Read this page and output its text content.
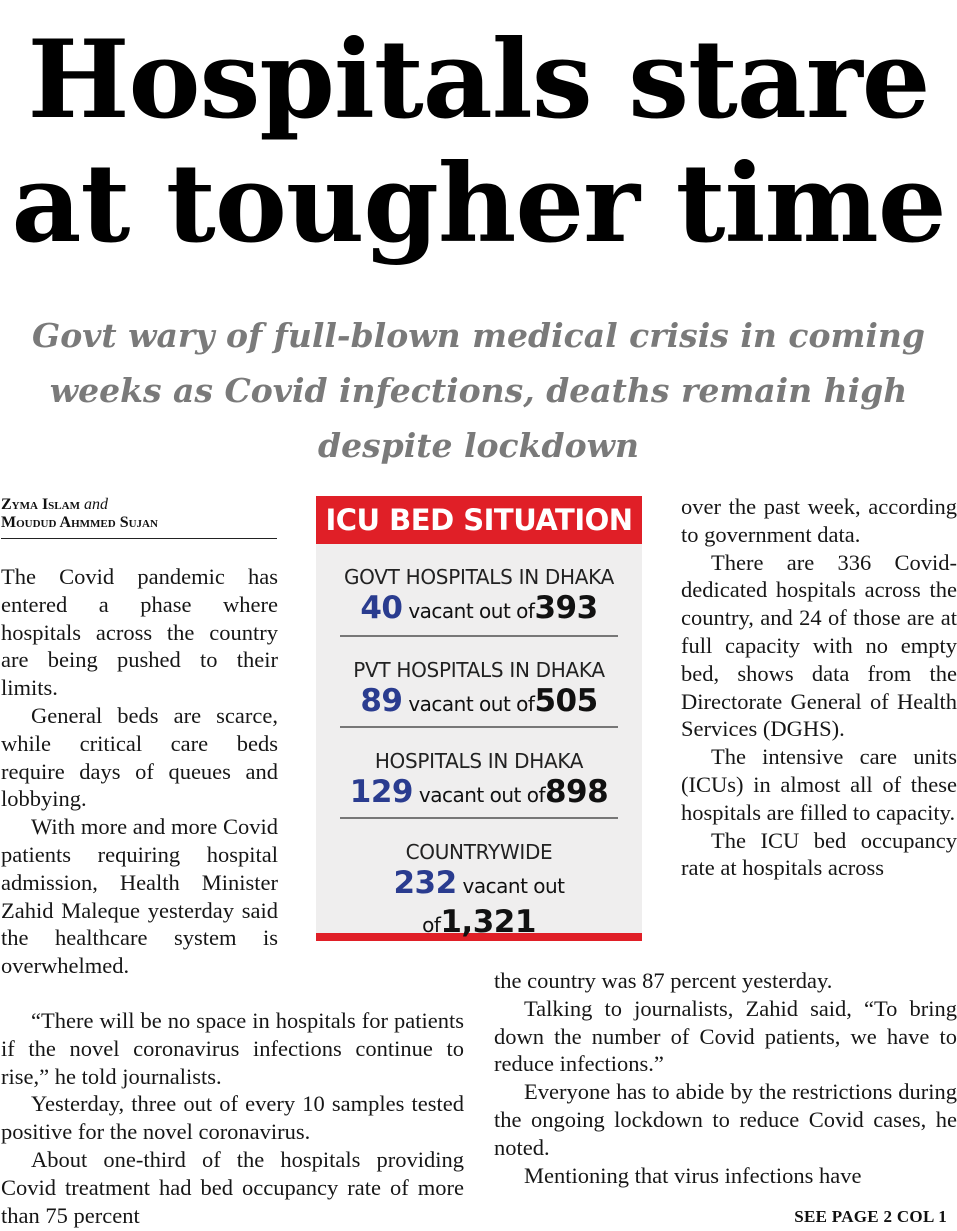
Hospitals stare
at tougher time
Govt wary of full-blown medical crisis in coming
weeks as Covid infections, deaths remain high
despite lockdown
Zyma Islam and
Moudud Ahmmed Sujan

The Covid pandemic has entered a phase where hospitals across the country are being pushed to their limits.

General beds are scarce, while critical care beds require days of queues and lobbying.

With more and more Covid patients requiring hospital admission, Health Minister Zahid Maleque yesterday said the healthcare system is overwhelmed.

ICU BED SITUATION
GOVT HOSPITALS IN DHAKA
40 vacant out of393
PVT HOSPITALS IN DHAKA
89 vacant out of505
HOSPITALS IN DHAKA
129 vacant out of898
COUNTRYWIDE
232 vacant out of1,321

over the past week, according to government data.

There are 336 Covid-dedicated hospitals across the country, and 24 of those are at full capacity with no empty bed, shows data from the Directorate General of Health Services (DGHS).

The intensive care units (ICUs) in almost all of these hospitals are filled to capacity.

The ICU bed occupancy rate at hospitals across

“There will be no space in hospitals for patients if the novel coronavirus infections continue to rise,” he told journalists.

Yesterday, three out of every 10 samples tested positive for the novel coronavirus.

About one-third of the hospitals providing Covid treatment had bed occupancy rate of more than 75 percent

the country was 87 percent yesterday.

Talking to journalists, Zahid said, “To bring down the number of Covid patients, we have to reduce infections.”

Everyone has to abide by the restrictions during the ongoing lockdown to reduce Covid cases, he noted.

Mentioning that virus infections have

SEE PAGE 2 COL 1
